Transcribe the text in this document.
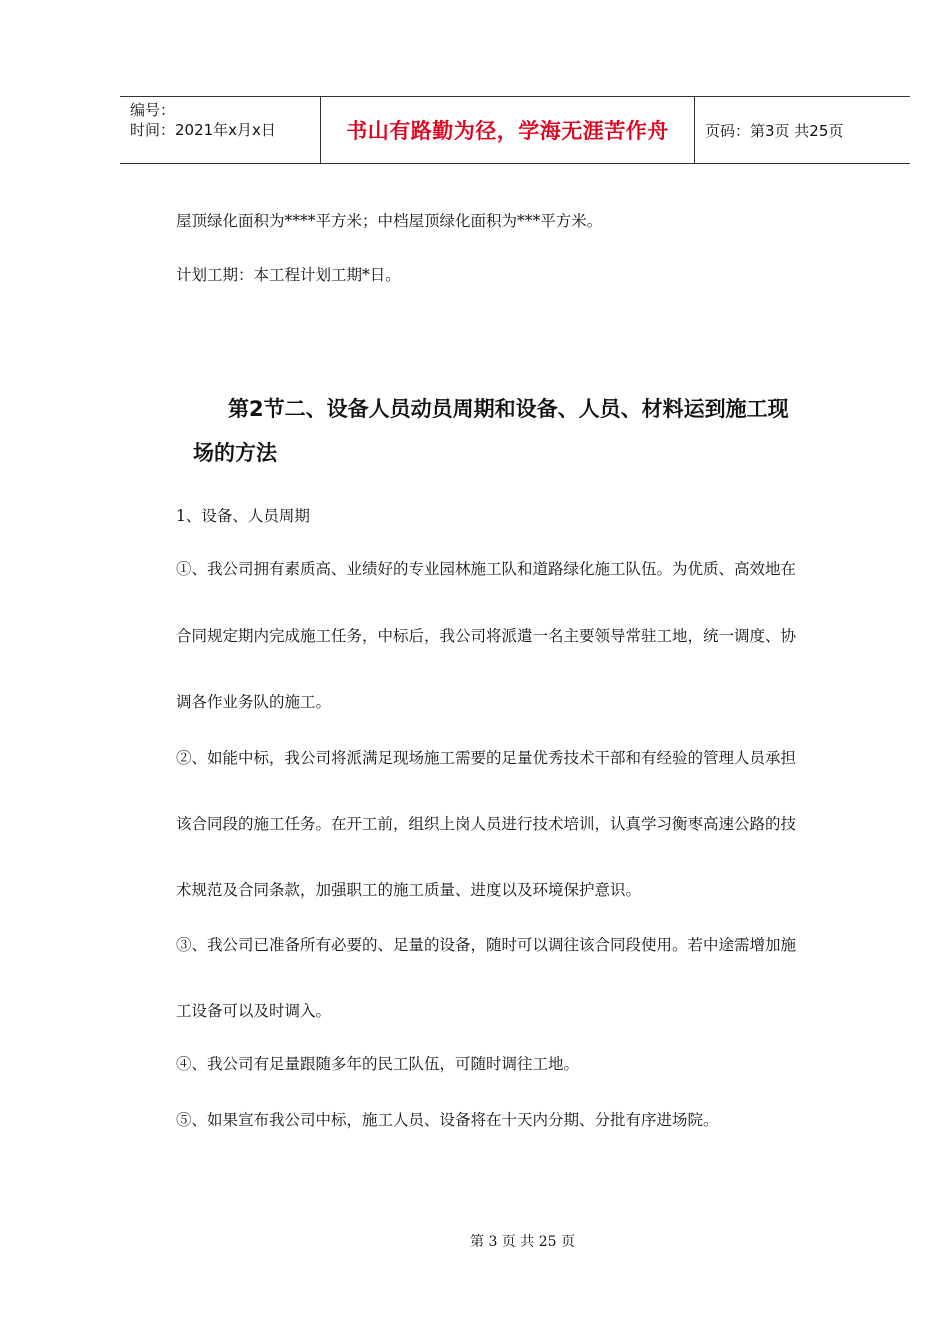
编号：
时间：2021年x月x日	书山有路勤为径，学海无涯苦作舟 页码：第3页 共25页
屋顶绿化面积为****平方米；中档屋顶绿化面积为***平方米。
计划工期：本工程计划工期*日。
第2节二、设备人员动员周期和设备、人员、材料运到施工现
场的方法
1、设备、人员周期
①、我公司拥有素质高、业绩好的专业园林施工队和道路绿化施工队伍。为优质、高效地在
合同规定期内完成施工任务，中标后，我公司将派遣一名主要领导常驻工地，统一调度、协
调各作业务队的施工。
②、如能中标，我公司将派满足现场施工需要的足量优秀技术干部和有经验的管理人员承担
该合同段的施工任务。在开工前，组织上岗人员进行技术培训，认真学习衡枣高速公路的技
术规范及合同条款，加强职工的施工质量、进度以及环境保护意识。
③、我公司已准备所有必要的、足量的设备，随时可以调往该合同段使用。若中途需增加施
工设备可以及时调入。
④、我公司有足量跟随多年的民工队伍，可随时调往工地。
⑤、如果宣布我公司中标，施工人员、设备将在十天内分期、分批有序进场院。
第 3 页 共 25 页
